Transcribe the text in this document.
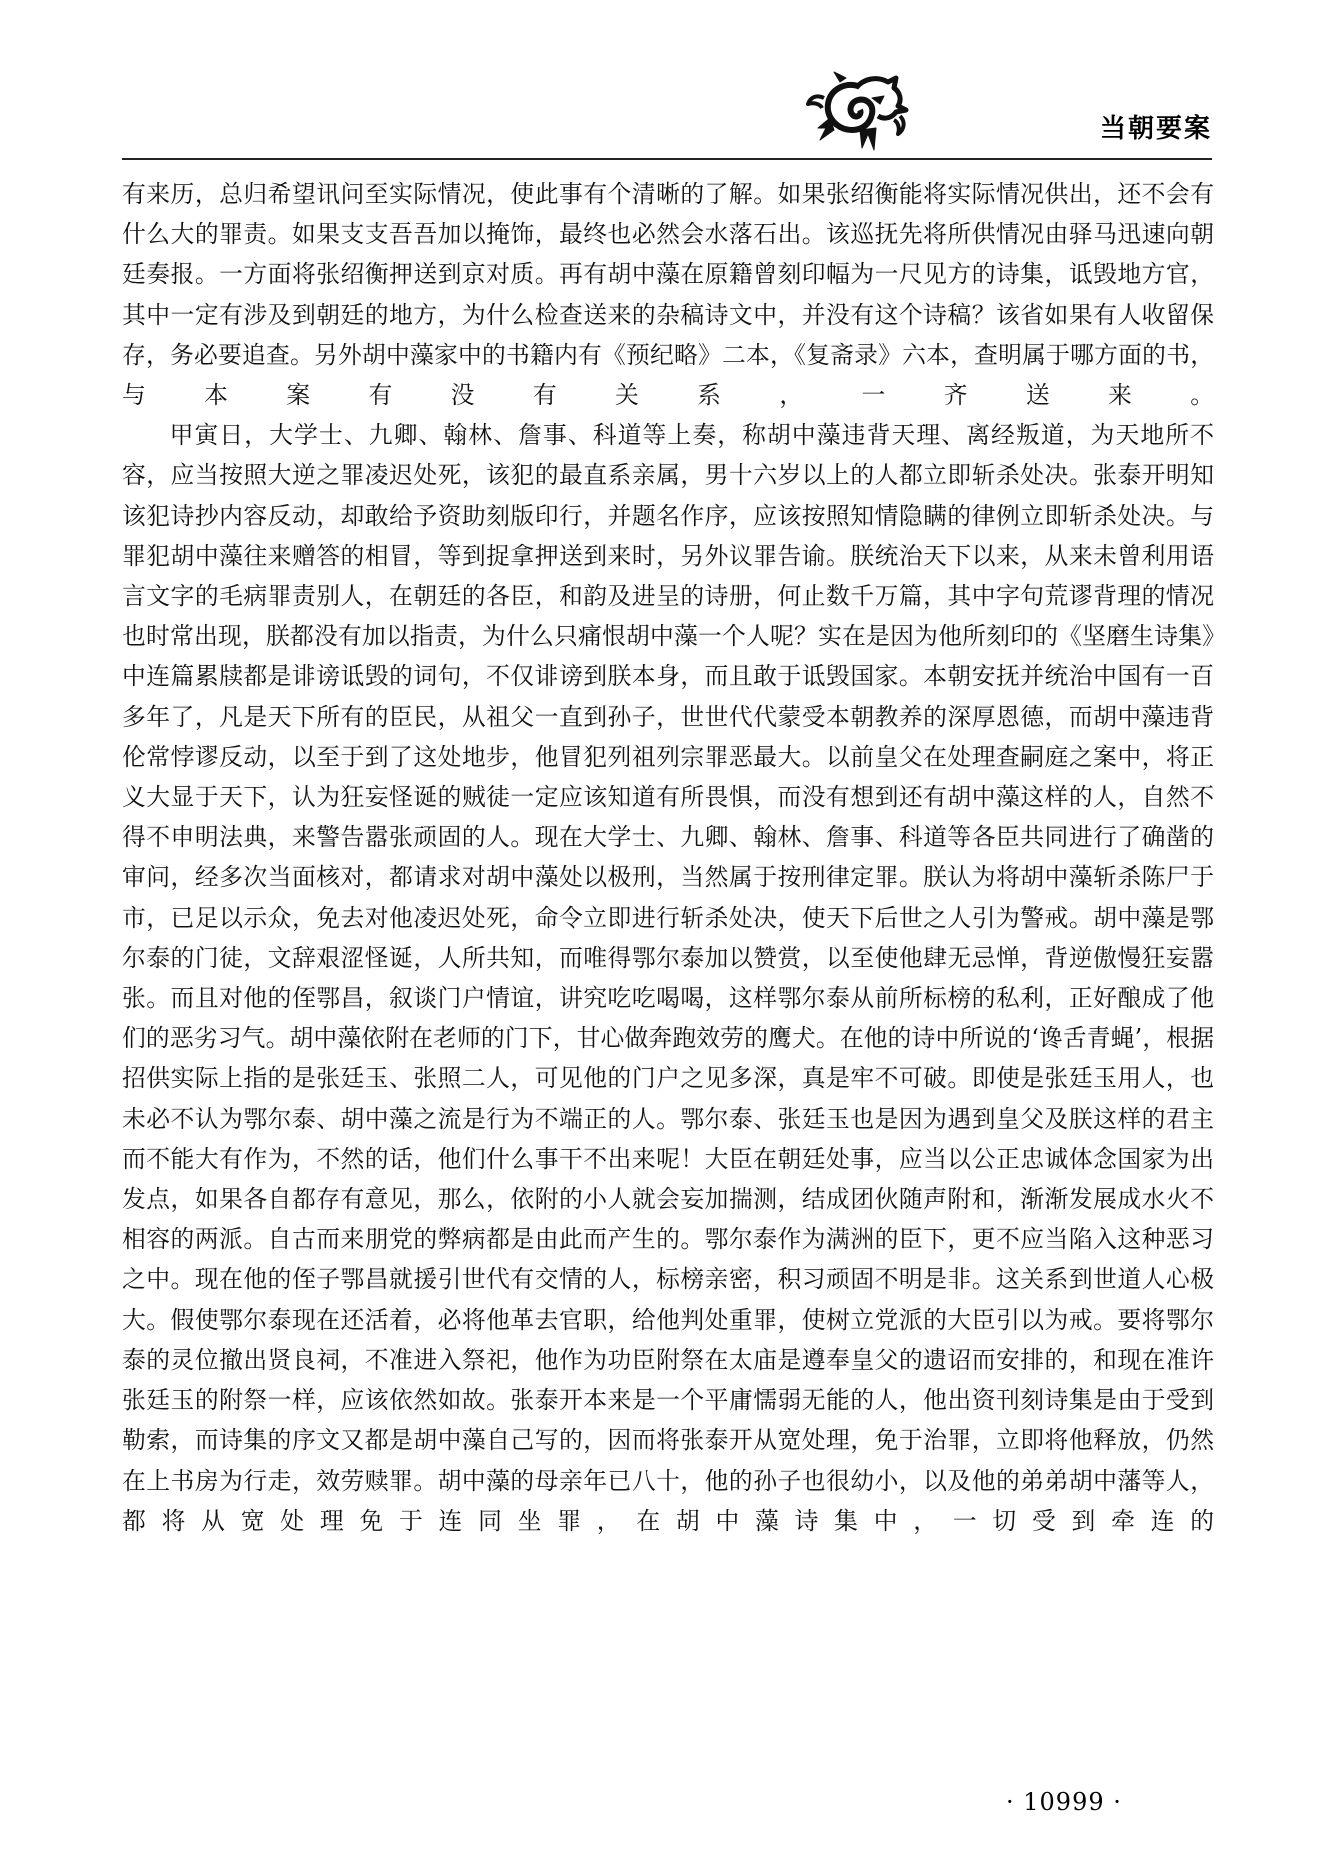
当朝要案

有来历，总归希望讯问至实际情况，使此事有个清晰的了解。如果张绍衡能将实际情况供出，还不会有什么大的罪责。如果支支吾吾加以掩饰，最终也必然会水落石出。该巡抚先将所供情况由驿马迅速向朝廷奏报。一方面将张绍衡押送到京对质。再有胡中藻在原籍曾刻印幅为一尺见方的诗集，诋毁地方官，其中一定有涉及到朝廷的地方，为什么检查送来的杂稿诗文中，并没有这个诗稿？该省如果有人收留保存，务必要追查。另外胡中藻家中的书籍内有《预纪略》二本，《复斋录》六本，查明属于哪方面的书，与本案有没有关系，一齐送来。

甲寅日，大学士、九卿、翰林、詹事、科道等上奏，称胡中藻违背天理、离经叛道，为天地所不容，应当按照大逆之罪凌迟处死，该犯的最直系亲属，男十六岁以上的人都立即斩杀处决。张泰开明知该犯诗抄内容反动，却敢给予资助刻版印行，并题名作序，应该按照知情隐瞒的律例立即斩杀处决。与罪犯胡中藻往来赠答的相冒，等到捉拿押送到来时，另外议罪告谕。朕统治天下以来，从来未曾利用语言文字的毛病罪责别人，在朝廷的各臣，和韵及进呈的诗册，何止数千万篇，其中字句荒谬背理的情况也时常出现，朕都没有加以指责，为什么只痛恨胡中藻一个人呢？实在是因为他所刻印的《坚磨生诗集》中连篇累牍都是诽谤诋毁的词句，不仅诽谤到朕本身，而且敢于诋毁国家。本朝安抚并统治中国有一百多年了，凡是天下所有的臣民，从祖父一直到孙子，世世代代蒙受本朝教养的深厚恩德，而胡中藻违背伦常悖谬反动，以至于到了这处地步，他冒犯列祖列宗罪恶最大。以前皇父在处理查嗣庭之案中，将正义大显于天下，认为狂妄怪诞的贼徒一定应该知道有所畏惧，而没有想到还有胡中藻这样的人，自然不得不申明法典，来警告嚣张顽固的人。现在大学士、九卿、翰林、詹事、科道等各臣共同进行了确凿的审问，经多次当面核对，都请求对胡中藻处以极刑，当然属于按刑律定罪。朕认为将胡中藻斩杀陈尸于市，已足以示众，免去对他凌迟处死，命令立即进行斩杀处决，使天下后世之人引为警戒。胡中藻是鄂尔泰的门徒，文辞艰涩怪诞，人所共知，而唯得鄂尔泰加以赞赏，以至使他肆无忌惮，背逆傲慢狂妄嚣张。而且对他的侄鄂昌，叙谈门户情谊，讲究吃吃喝喝，这样鄂尔泰从前所标榜的私利，正好酿成了他们的恶劣习气。胡中藻依附在老师的门下，甘心做奔跑效劳的鹰犬。在他的诗中所说的‘谗舌青蝇’，根据招供实际上指的是张廷玉、张照二人，可见他的门户之见多深，真是牢不可破。即使是张廷玉用人，也未必不认为鄂尔泰、胡中藻之流是行为不端正的人。鄂尔泰、张廷玉也是因为遇到皇父及朕这样的君主而不能大有作为，不然的话，他们什么事干不出来呢！大臣在朝廷处事，应当以公正忠诚体念国家为出发点，如果各自都存有意见，那么，依附的小人就会妄加揣测，结成团伙随声附和，渐渐发展成水火不相容的两派。自古而来朋党的弊病都是由此而产生的。鄂尔泰作为满洲的臣下，更不应当陷入这种恶习之中。现在他的侄子鄂昌就援引世代有交情的人，标榜亲密，积习顽固不明是非。这关系到世道人心极大。假使鄂尔泰现在还活着，必将他革去官职，给他判处重罪，使树立党派的大臣引以为戒。要将鄂尔泰的灵位撤出贤良祠，不准进入祭祀，他作为功臣附祭在太庙是遵奉皇父的遗诏而安排的，和现在准许张廷玉的附祭一样，应该依然如故。张泰开本来是一个平庸懦弱无能的人，他出资刊刻诗集是由于受到勒索，而诗集的序文又都是胡中藻自己写的，因而将张泰开从宽处理，免于治罪，立即将他释放，仍然在上书房为行走，效劳赎罪。胡中藻的母亲年已八十，他的孙子也很幼小，以及他的弟弟胡中藩等人，都将从宽处理免于连同坐罪，在胡中藻诗集中，一切受到牵连的

· 10999 ·
